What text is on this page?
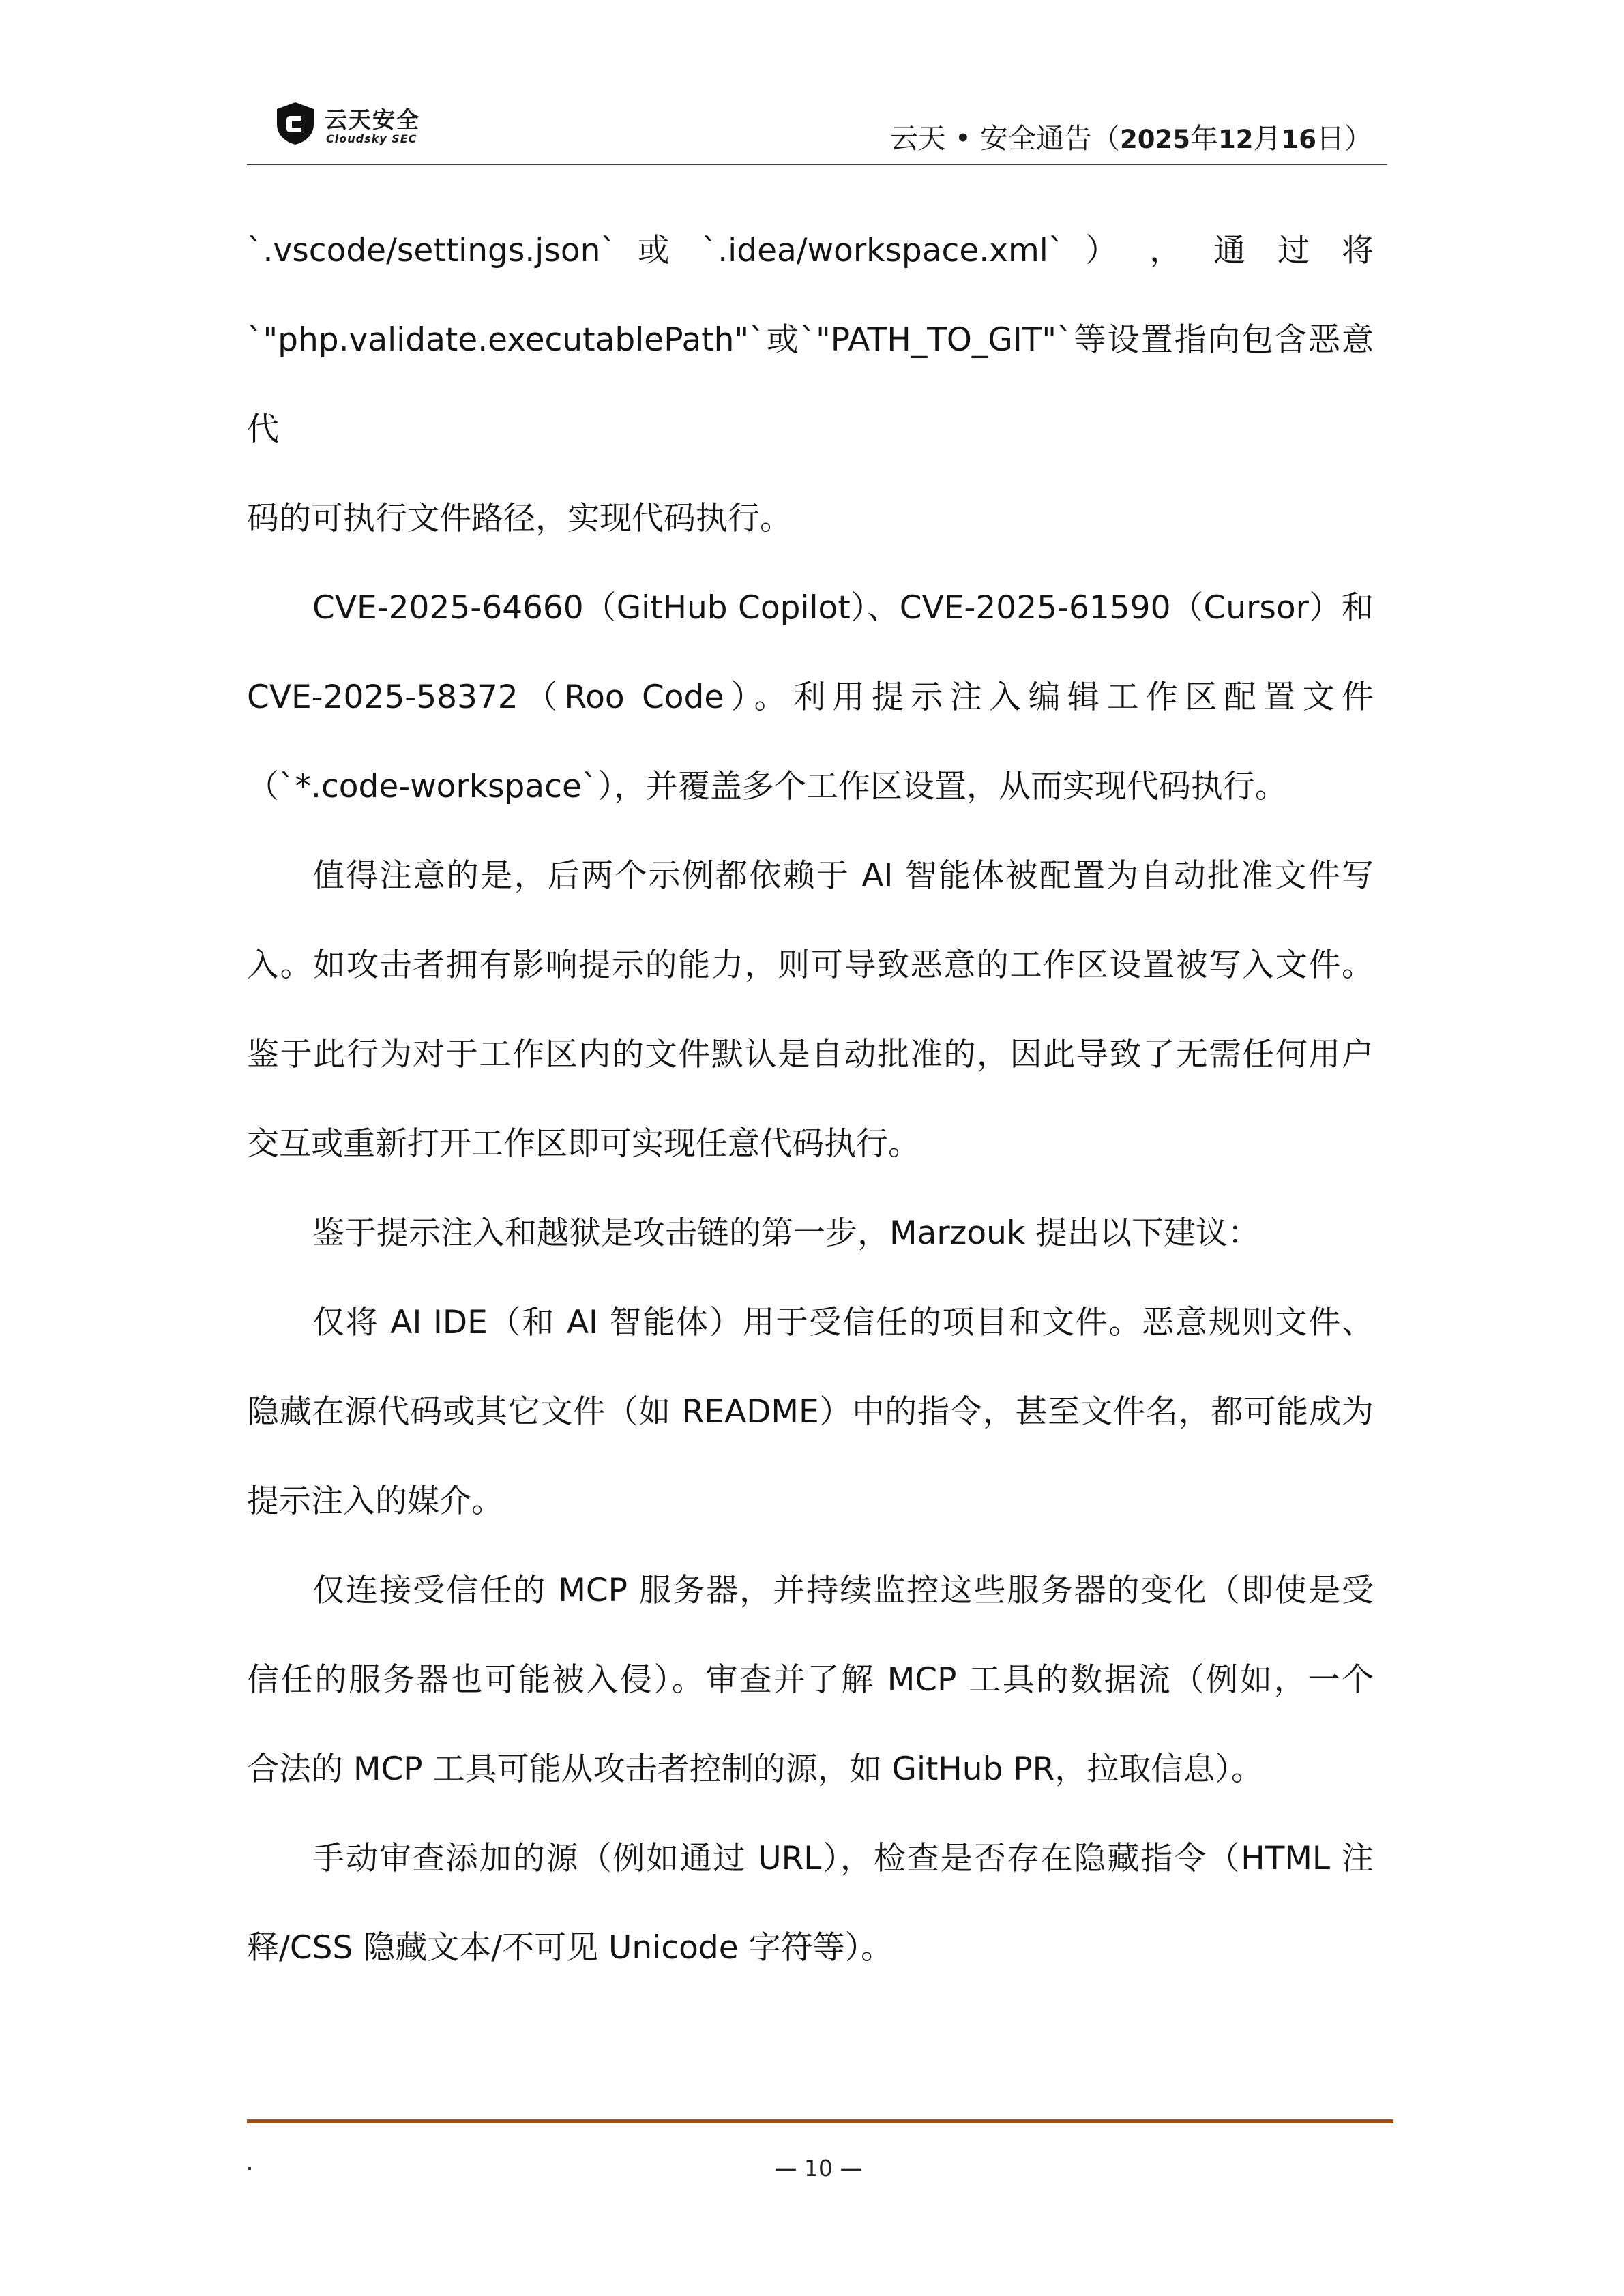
云天安全
Cloudsky SEC	云天 • 安全通告（2025年12月16日）

`.vscode/settings.json` 或 `.idea/workspace.xml` ） ， 通 过 将

`"php.validate.executablePath"`或`"PATH_TO_GIT"`等设置指向包含恶意代

码的可执行文件路径，实现代码执行。

CVE-2025-64660（GitHub Copilot）、CVE-2025-61590（Cursor）和

CVE-2025-58372（Roo Code）。利用提示注入编辑工作区配置文件

（`*.code-workspace`），并覆盖多个工作区设置，从而实现代码执行。

值得注意的是，后两个示例都依赖于 AI 智能体被配置为自动批准文件写

入。如攻击者拥有影响提示的能力，则可导致恶意的工作区设置被写入文件。

鉴于此行为对于工作区内的文件默认是自动批准的，因此导致了无需任何用户

交互或重新打开工作区即可实现任意代码执行。

鉴于提示注入和越狱是攻击链的第一步，Marzouk 提出以下建议：

仅将 AI IDE（和 AI 智能体）用于受信任的项目和文件。恶意规则文件、

隐藏在源代码或其它文件（如 README）中的指令，甚至文件名，都可能成为

提示注入的媒介。

仅连接受信任的 MCP 服务器，并持续监控这些服务器的变化（即使是受

信任的服务器也可能被入侵）。审查并了解 MCP 工具的数据流（例如，一个

合法的 MCP 工具可能从攻击者控制的源，如 GitHub PR，拉取信息）。

手动审查添加的源（例如通过 URL），检查是否存在隐藏指令（HTML 注

释/CSS 隐藏文本/不可见 Unicode 字符等）。

— 10 —
